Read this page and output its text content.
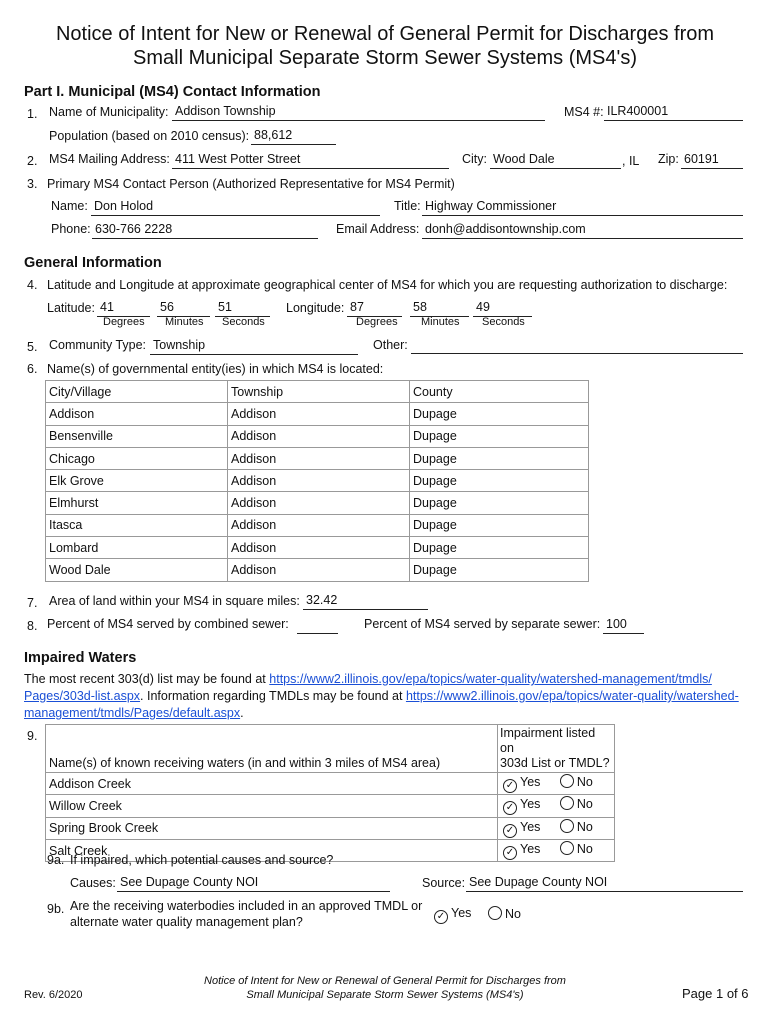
Notice of Intent for New or Renewal of General Permit for Discharges from
Small Municipal Separate Storm Sewer Systems (MS4's)
Part I. Municipal (MS4) Contact Information
1. Name of Municipality: Addison Township	MS4 #: ILR400001
Population (based on 2010 census): 88,612
2. MS4 Mailing Address: 411 West Potter Street	City: Wood Dale	, IL Zip: 60191
3. Primary MS4 Contact Person (Authorized Representative for MS4 Permit)
Name: Don Holod	Title: Highway Commissioner
Phone: 630-766 2228	Email Address: donh@addisontownship.com
General Information
4. Latitude and Longitude at approximate geographical center of MS4 for which you are requesting authorization to discharge:
Latitude: 41	56	51
Degrees Minutes Seconds
Longitude: 87	58	49
Degrees Minutes Seconds
5. Community Type: Township	Other:
6. Name(s) of governmental entity(ies) in which MS4 is located:
City/Village	Township	County
Addison	Addison	Dupage
Bensenville	Addison	Dupage
Chicago	Addison	Dupage
Elk Grove	Addison	Dupage
Elmhurst	Addison	Dupage
Itasca	Addison	Dupage
Lombard	Addison	Dupage
Wood Dale	Addison	Dupage
7. Area of land within your MS4 in square miles: 32.42
8. Percent of MS4 served by combined sewer:	Percent of MS4 served by separate sewer: 100
Impaired Waters
The most recent 303(d) list may be found at https://www2.illinois.gov/epa/topics/water-quality/watershed-management/tmdls/
Pages/303d-list.aspx. Information regarding TMDLs may be found at https://www2.illinois.gov/epa/topics/water-quality/watershed-
management/tmdls/Pages/default.aspx.
9.
Name(s) of known receiving waters (in and within 3 miles of MS4 area)	Impairment listed on
303d List or TMDL?
Addison Creek	✓ Yes No
Willow Creek	✓ Yes No
Spring Brook Creek	✓ Yes No
Salt Creek	✓ Yes No
9a. If impaired, which potential causes and source?
Causes: See Dupage County NOI	Source: See Dupage County NOI
9b. Are the receiving waterbodies included in an approved TMDL or
alternate water quality management plan?	✓ Yes	No
Rev. 6/2020
Notice of Intent for New or Renewal of General Permit for Discharges from
Small Municipal Separate Storm Sewer Systems (MS4's)	Page 1 of 6
